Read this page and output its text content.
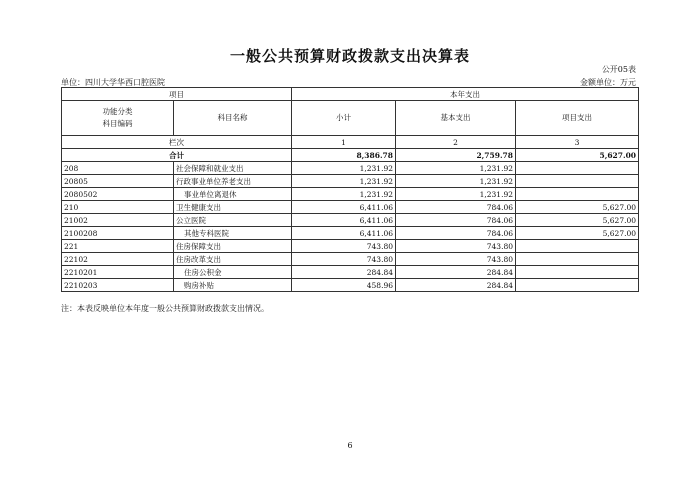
一般公共预算财政拨款支出决算表
公开05表
单位：四川大学华西口腔医院	金额单位：万元
项目		本年支出		

功能分类
科目编码	科目名称	小计	基本支出	项目支出
栏次		1	2	3
合计		8,386.78	2,759.78	5,627.00
208	社会保障和就业支出	1,231.92	1,231.92	
20805	行政事业单位养老支出	1,231.92	1,231.92	
2080502	事业单位离退休	1,231.92	1,231.92	
210	卫生健康支出	6,411.06	784.06	5,627.00
21002	公立医院	6,411.06	784.06	5,627.00
2100208	其他专科医院	6,411.06	784.06	5,627.00
221	住房保障支出	743.80	743.80	
22102	住房改革支出	743.80	743.80	
2210201	住房公积金	284.84	284.84	
2210203	购房补贴	458.96	284.84	
注：本表反映单位本年度一般公共预算财政拨款支出情况。
6
